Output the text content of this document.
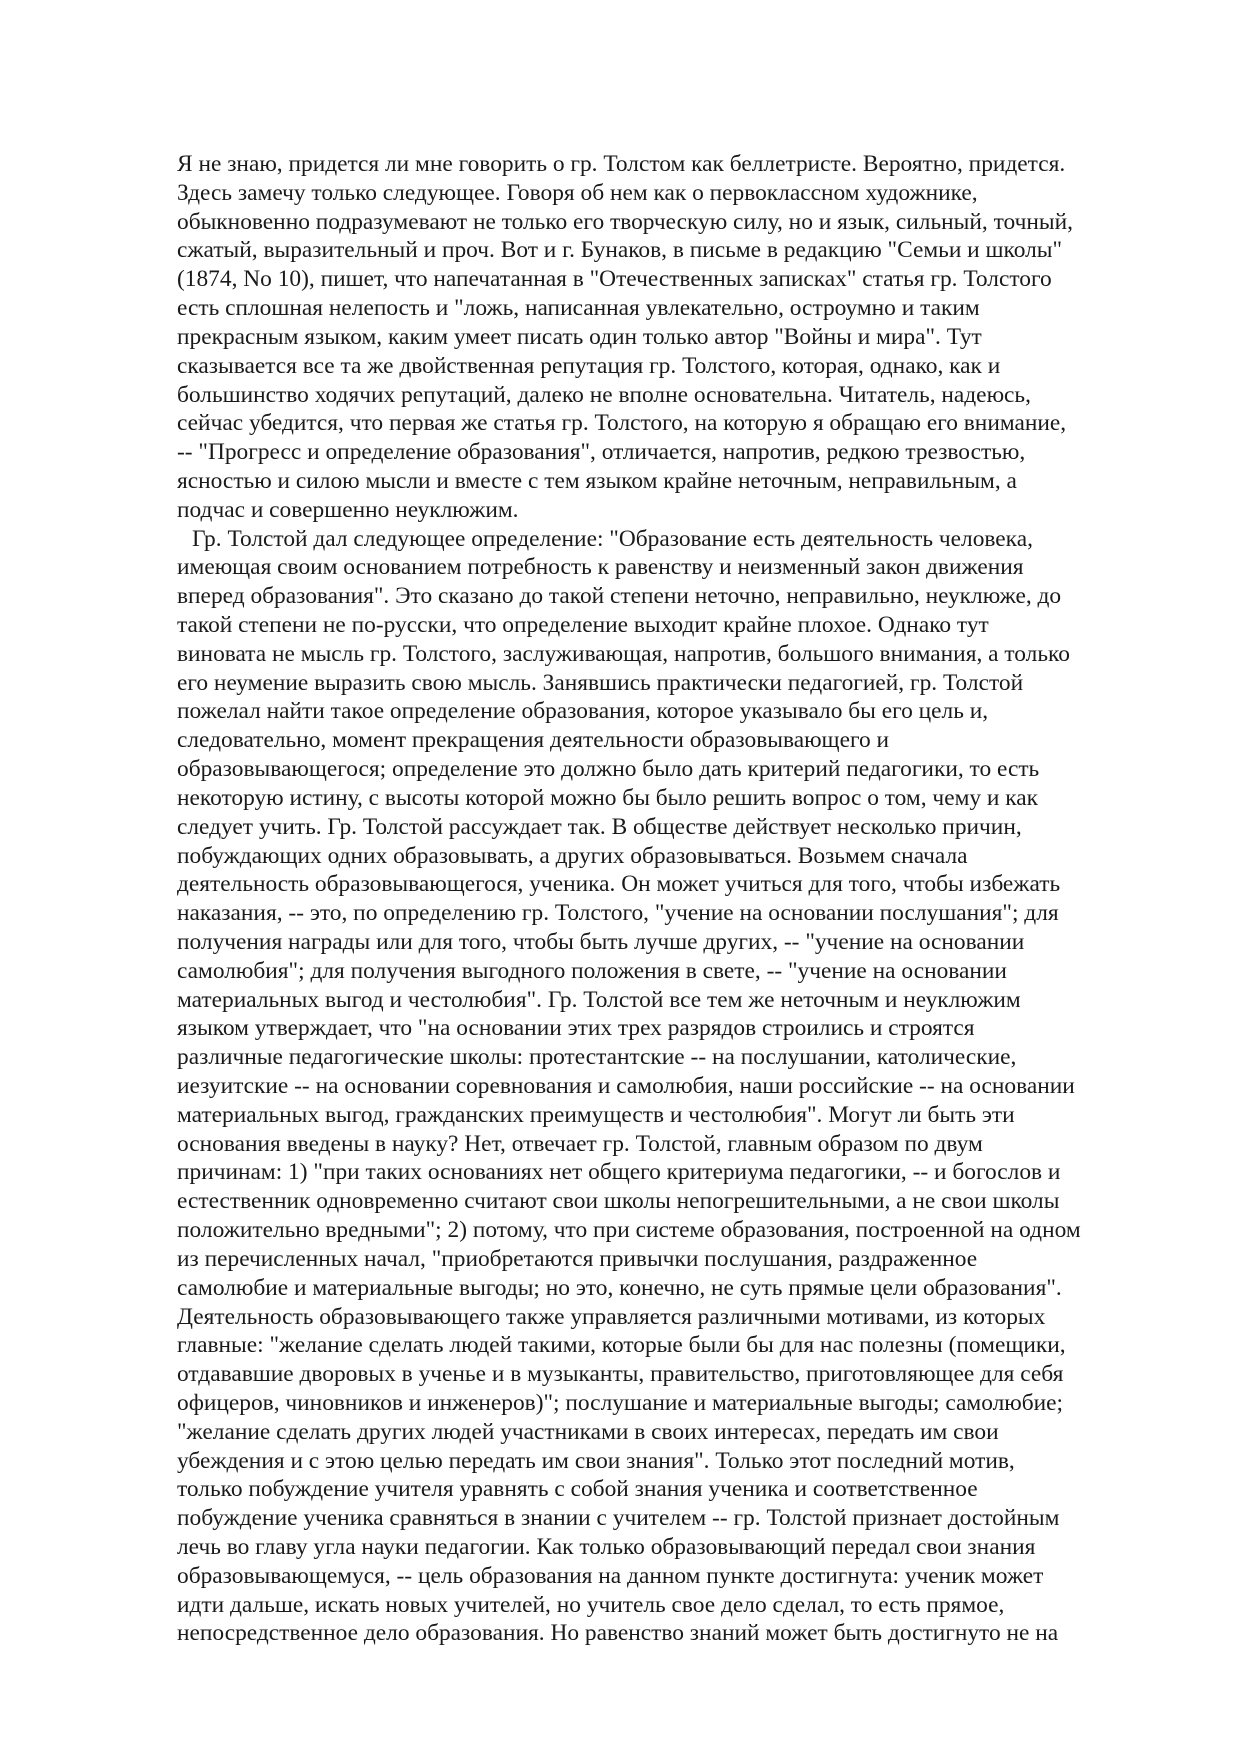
Я не знаю, придется ли мне говорить о гр. Толстом как беллетристе. Вероятно, придется.
Здесь замечу только следующее. Говоря об нем как о первоклассном художнике,
обыкновенно подразумевают не только его творческую силу, но и язык, сильный, точный,
сжатый, выразительный и проч. Вот и г. Бунаков, в письме в редакцию "Семьи и школы"
(1874, No 10), пишет, что напечатанная в "Отечественных записках" статья гр. Толстого
есть сплошная нелепость и "ложь, написанная увлекательно, остроумно и таким
прекрасным языком, каким умеет писать один только автор "Войны и мира". Тут
сказывается все та же двойственная репутация гр. Толстого, которая, однако, как и
большинство ходячих репутаций, далеко не вполне основательна. Читатель, надеюсь,
сейчас убедится, что первая же статья гр. Толстого, на которую я обращаю его внимание,
-- "Прогресс и определение образования", отличается, напротив, редкою трезвостью,
ясностью и силою мысли и вместе с тем языком крайне неточным, неправильным, а
подчас и совершенно неуклюжим.
Гр. Толстой дал следующее определение: "Образование есть деятельность человека,
имеющая своим основанием потребность к равенству и неизменный закон движения
вперед образования". Это сказано до такой степени неточно, неправильно, неуклюже, до
такой степени не по-русски, что определение выходит крайне плохое. Однако тут
виновата не мысль гр. Толстого, заслуживающая, напротив, большого внимания, а только
его неумение выразить свою мысль. Занявшись практически педагогией, гр. Толстой
пожелал найти такое определение образования, которое указывало бы его цель и,
следовательно, момент прекращения деятельности образовывающего и
образовывающегося; определение это должно было дать критерий педагогики, то есть
некоторую истину, с высоты которой можно бы было решить вопрос о том, чему и как
следует учить. Гр. Толстой рассуждает так. В обществе действует несколько причин,
побуждающих одних образовывать, а других образовываться. Возьмем сначала
деятельность образовывающегося, ученика. Он может учиться для того, чтобы избежать
наказания, -- это, по определению гр. Толстого, "учение на основании послушания"; для
получения награды или для того, чтобы быть лучше других, -- "учение на основании
самолюбия"; для получения выгодного положения в свете, -- "учение на основании
материальных выгод и честолюбия". Гр. Толстой все тем же неточным и неуклюжим
языком утверждает, что "на основании этих трех разрядов строились и строятся
различные педагогические школы: протестантские -- на послушании, католические,
иезуитские -- на основании соревнования и самолюбия, наши российские -- на основании
материальных выгод, гражданских преимуществ и честолюбия". Могут ли быть эти
основания введены в науку? Нет, отвечает гр. Толстой, главным образом по двум
причинам: 1) "при таких основаниях нет общего критериума педагогики, -- и богослов и
естественник одновременно считают свои школы непогрешительными, а не свои школы
положительно вредными"; 2) потому, что при системе образования, построенной на одном
из перечисленных начал, "приобретаются привычки послушания, раздраженное
самолюбие и материальные выгоды; но это, конечно, не суть прямые цели образования".
Деятельность образовывающего также управляется различными мотивами, из которых
главные: "желание сделать людей такими, которые были бы для нас полезны (помещики,
отдававшие дворовых в ученье и в музыканты, правительство, приготовляющее для себя
офицеров, чиновников и инженеров)"; послушание и материальные выгоды; самолюбие;
"желание сделать других людей участниками в своих интересах, передать им свои
убеждения и с этою целью передать им свои знания". Только этот последний мотив,
только побуждение учителя уравнять с собой знания ученика и соответственное
побуждение ученика сравняться в знании с учителем -- гр. Толстой признает достойным
лечь во главу угла науки педагогии. Как только образовывающий передал свои знания
образовывающемуся, -- цель образования на данном пункте достигнута: ученик может
идти дальше, искать новых учителей, но учитель свое дело сделал, то есть прямое,
непосредственное дело образования. Но равенство знаний может быть достигнуто не на
